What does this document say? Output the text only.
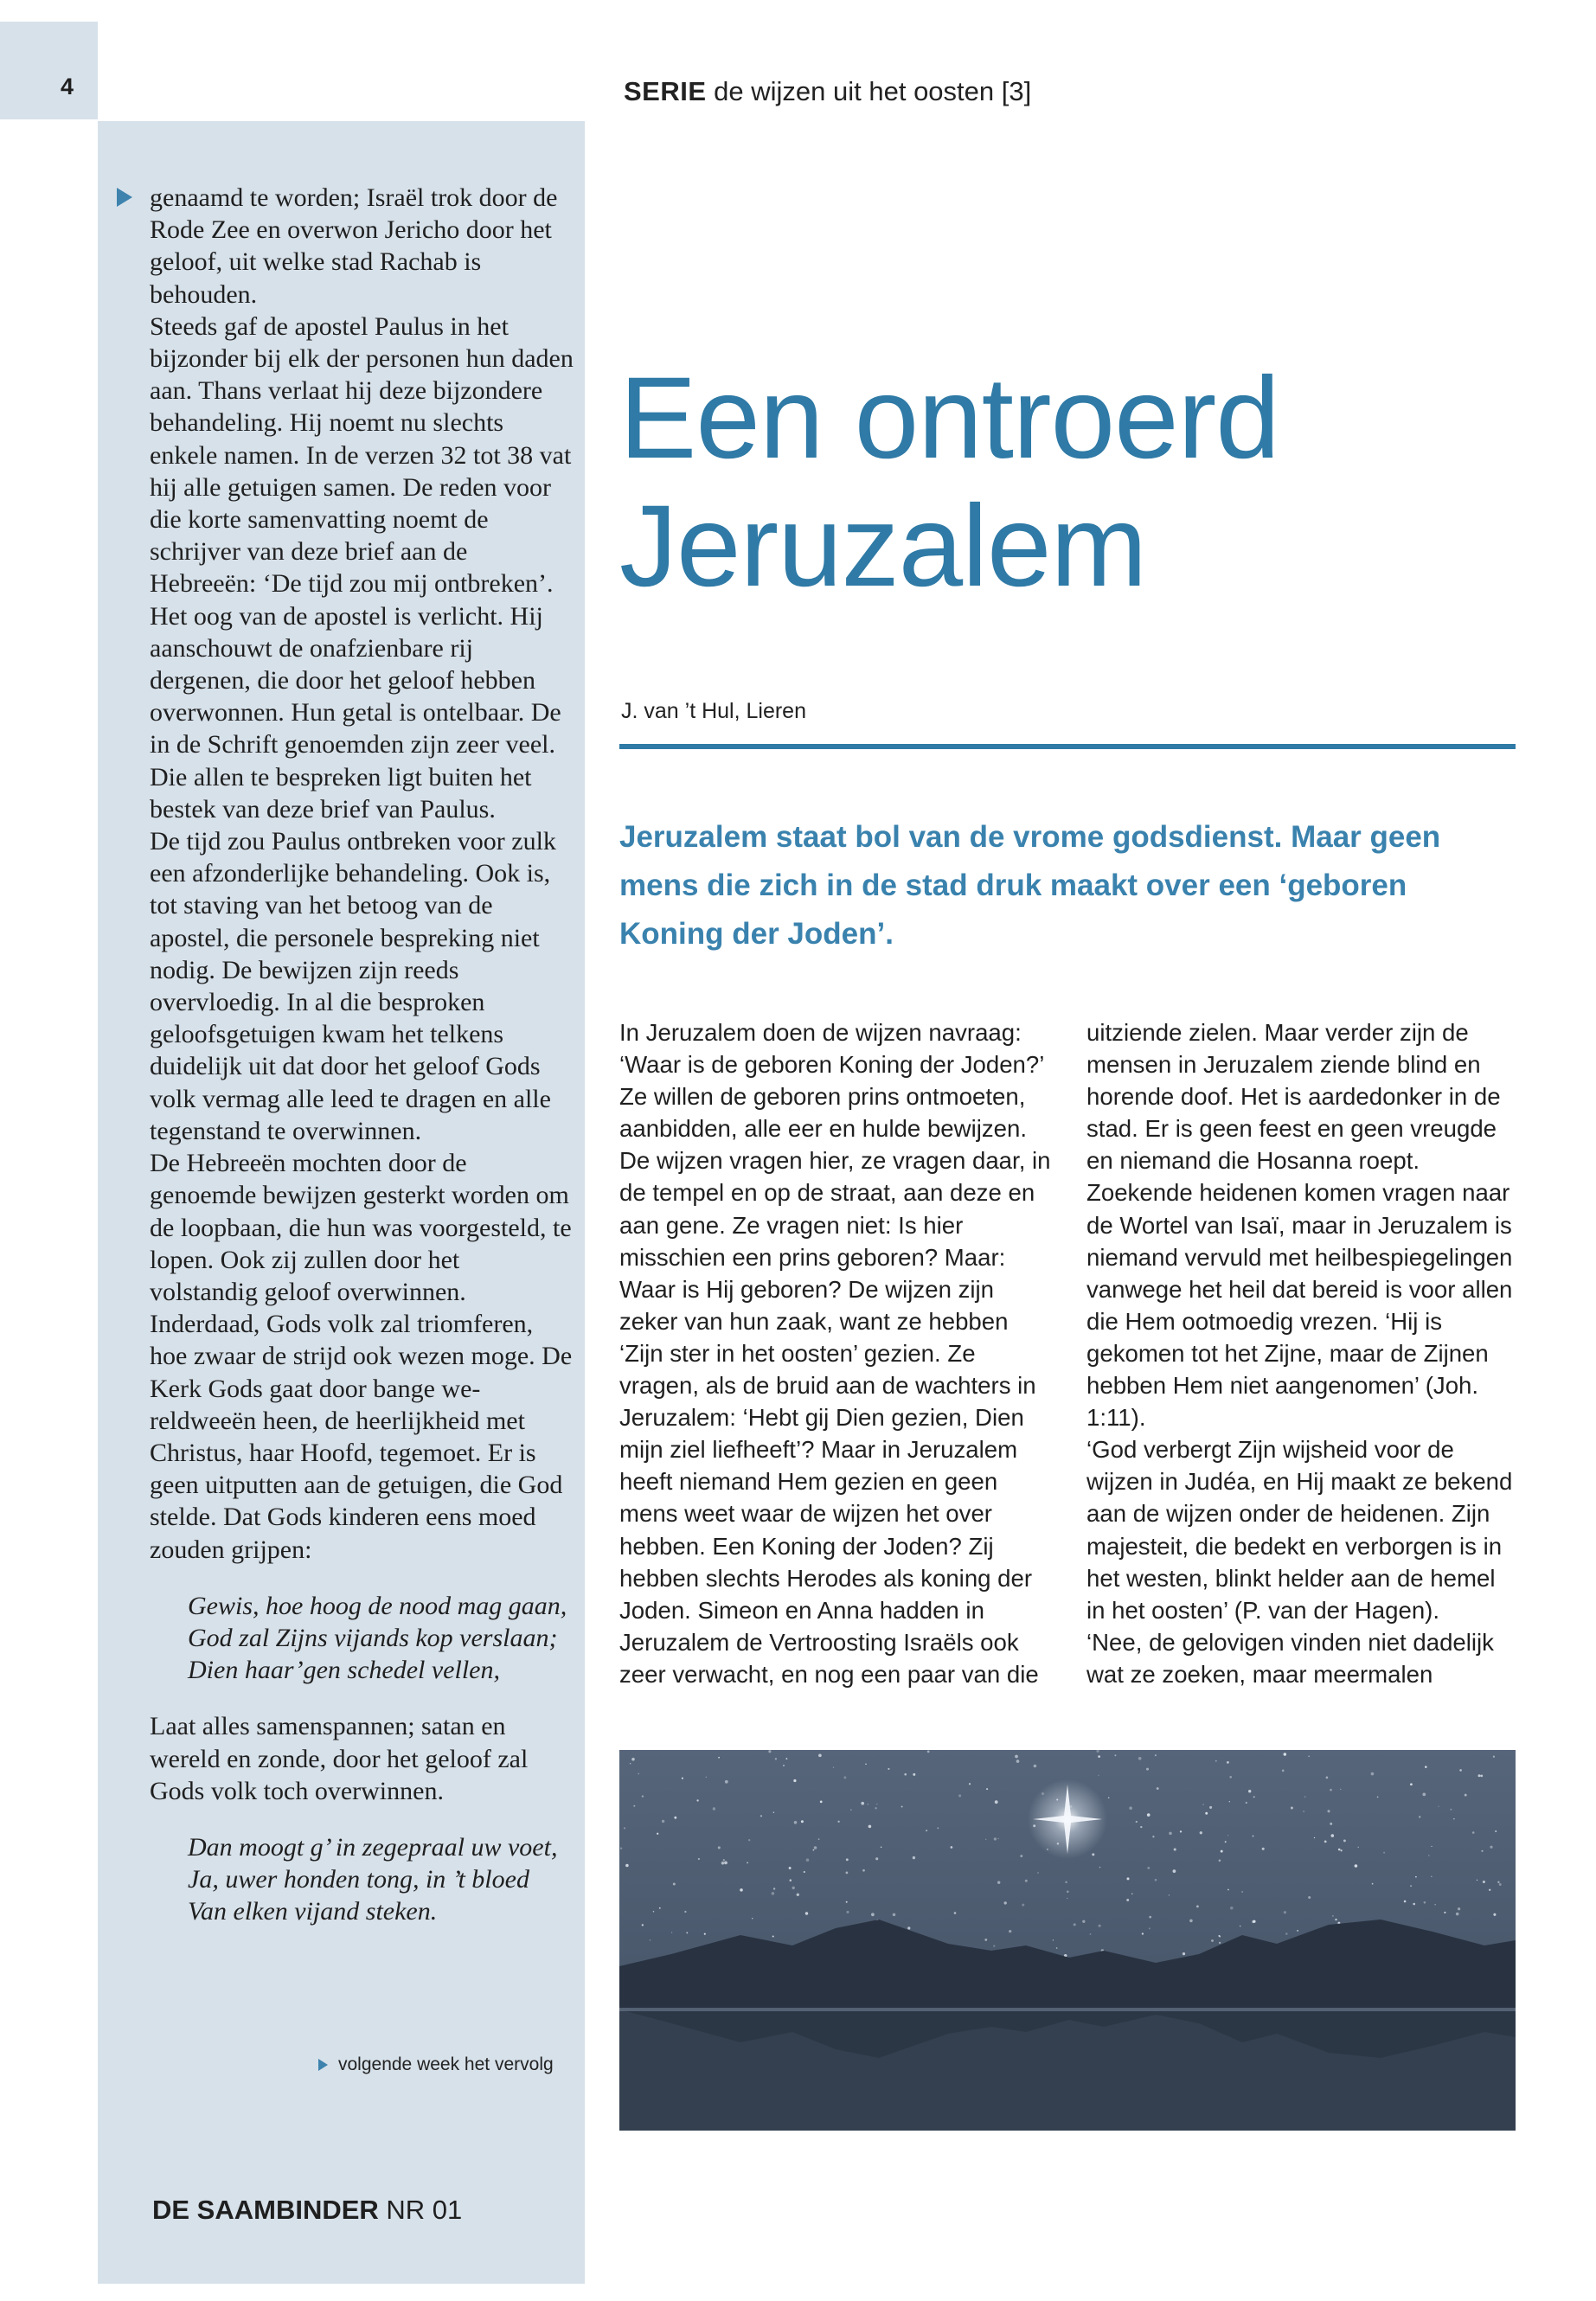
4	SERIE de wijzen uit het oosten [3]

genaamd te worden; Israël trok door de Rode Zee en overwon Jericho door het geloof, uit welke stad Rachab is behouden.

Steeds gaf de apostel Paulus in het bijzonder bij elk der personen hun daden aan. Thans verlaat hij deze bijzondere behandeling. Hij noemt nu slechts enkele namen. In de verzen 32 tot 38 vat hij alle getuigen samen. De reden voor die korte samenvatting noemt de schrijver van deze brief aan de Hebreeën: ‘De tijd zou mij ontbreken’.

Het oog van de apostel is verlicht. Hij aanschouwt de onafzienbare rij dergenen, die door het geloof hebben overwonnen. Hun getal is ontelbaar. De in de Schrift genoemden zijn zeer veel. Die allen te bespreken ligt buiten het bestek van deze brief van Paulus.

De tijd zou Paulus ontbreken voor zulk een afzonderlijke behandeling. Ook is, tot staving van het betoog van de apostel, die personele bespreking niet nodig. De bewijzen zijn reeds overvloedig. In al die besproken geloofsgetuigen kwam het telkens duidelijk uit dat door het geloof Gods volk vermag alle leed te dragen en alle tegenstand te overwinnen.

De Hebreeën mochten door de genoemde bewijzen gesterkt worden om de loopbaan, die hun was voorgesteld, te lopen. Ook zij zullen door het volstandig geloof overwinnen.

Inderdaad, Gods volk zal triomferen, hoe zwaar de strijd ook wezen moge. De Kerk Gods gaat door bange wereldweeën heen, de heerlijkheid met Christus, haar Hoofd, tegemoet. Er is geen uitputten aan de getuigen, die God stelde. Dat Gods kinderen eens moed zouden grijpen:

Gewis, hoe hoog de nood mag gaan,
God zal Zijns vijands kop verslaan;
Dien haar’gen schedel vellen,

Laat alles samenspannen; satan en wereld en zonde, door het geloof zal Gods volk toch overwinnen.

Dan moogt g’ in zegepraal uw voet,
Ja, uwer honden tong, in ’t bloed
Van elken vijand steken.

volgende week het vervolg
DE SAAMBINDER NR 01
Een ontroerd
Jeruzalem
J. van ’t Hul, Lieren

Jeruzalem staat bol van de vrome godsdienst. Maar geen mens die zich in de stad druk maakt over een ‘geboren Koning der Joden’.

In Jeruzalem doen de wijzen navraag: ‘Waar is de geboren Koning der Joden?’ Ze willen de geboren prins ontmoeten, aanbidden, alle eer en hulde bewijzen. De wijzen vragen hier, ze vragen daar, in de tempel en op de straat, aan deze en aan gene. Ze vragen niet: Is hier misschien een prins geboren? Maar: Waar is Hij geboren? De wijzen zijn zeker van hun zaak, want ze hebben ‘Zijn ster in het oosten’ gezien. Ze vragen, als de bruid aan de wachters in Jeruzalem: ‘Hebt gij Dien gezien, Dien mijn ziel liefheeft’? Maar in Jeruzalem heeft niemand Hem gezien en geen mens weet waar de wijzen het over hebben. Een Koning der Joden? Zij hebben slechts Herodes als koning der Joden. Simeon en Anna hadden in Jeruzalem de Vertroosting Israëls ook zeer verwacht, en nog een paar van die

uitziende zielen. Maar verder zijn de mensen in Jeruzalem ziende blind en horende doof. Het is aardedonker in de stad. Er is geen feest en geen vreugde en niemand die Hosanna roept. Zoekende heidenen komen vragen naar de Wortel van Isaï, maar in Jeruzalem is niemand vervuld met heilbespiegelingen vanwege het heil dat bereid is voor allen die Hem ootmoedig vrezen. ‘Hij is gekomen tot het Zijne, maar de Zijnen hebben Hem niet aangenomen’ (Joh. 1:11).
‘God verbergt Zijn wijsheid voor de wijzen in Judéa, en Hij maakt ze bekend aan de wijzen onder de heidenen. Zijn majesteit, die bedekt en verborgen is in het westen, blinkt helder aan de hemel in het oosten’ (P. van der Hagen).
‘Nee, de gelovigen vinden niet dadelijk wat ze zoeken, maar meermalen
